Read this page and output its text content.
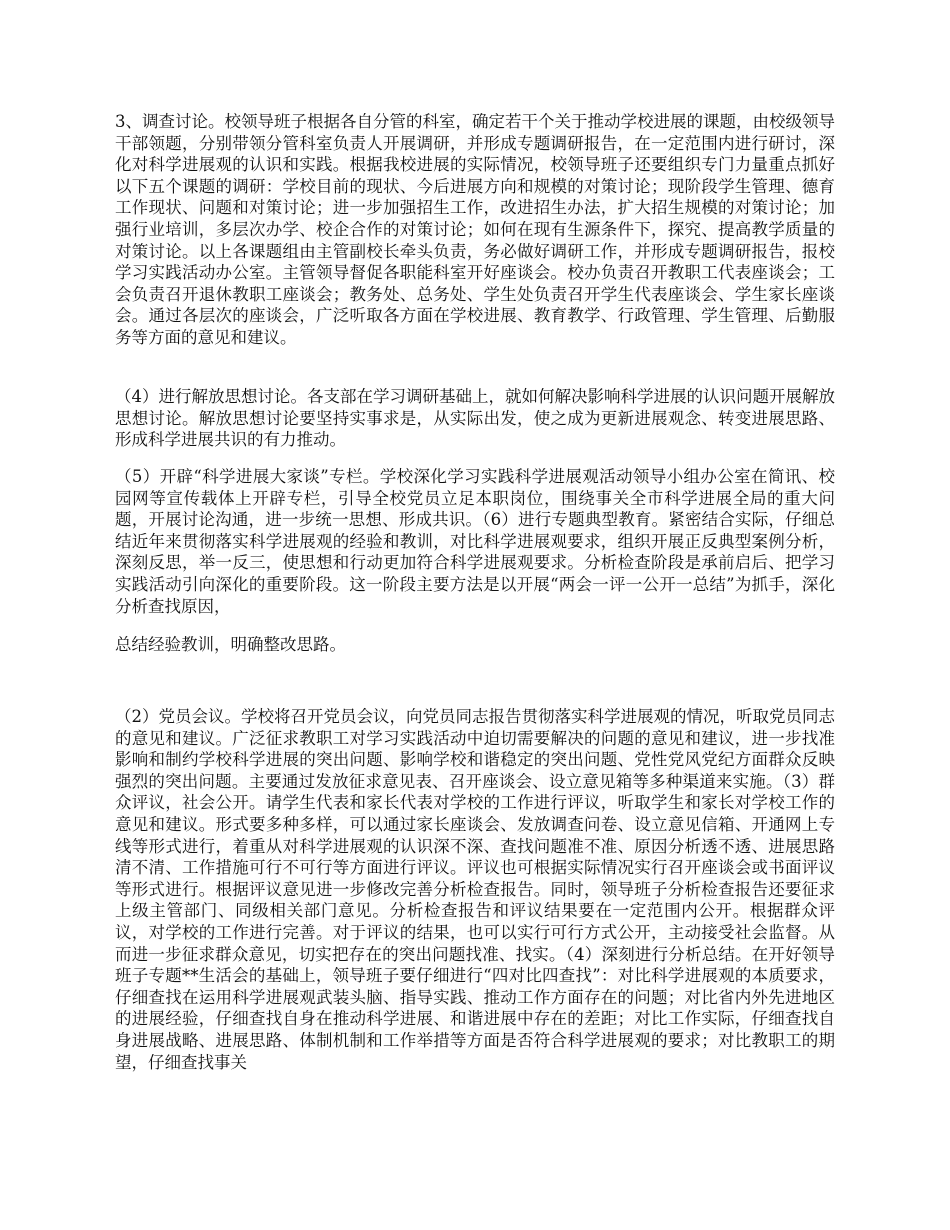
3、调查讨论。校领导班子根据各自分管的科室，确定若干个关于推动学校进展的课题，由校级领导干部领题，分别带领分管科室负责人开展调研，并形成专题调研报告，在一定范围内进行研讨，深化对科学进展观的认识和实践。根据我校进展的实际情况，校领导班子还要组织专门力量重点抓好以下五个课题的调研：学校目前的现状、今后进展方向和规模的对策讨论；现阶段学生管理、德育工作现状、问题和对策讨论；进一步加强招生工作，改进招生办法，扩大招生规模的对策讨论；加强行业培训，多层次办学、校企合作的对策讨论；如何在现有生源条件下，探究、提高教学质量的对策讨论。以上各课题组由主管副校长牵头负责，务必做好调研工作，并形成专题调研报告，报校学习实践活动办公室。主管领导督促各职能科室开好座谈会。校办负责召开教职工代表座谈会；工会负责召开退休教职工座谈会；教务处、总务处、学生处负责召开学生代表座谈会、学生家长座谈会。通过各层次的座谈会，广泛听取各方面在学校进展、教育教学、行政管理、学生管理、后勤服务等方面的意见和建议。

（4）进行解放思想讨论。各支部在学习调研基础上，就如何解决影响科学进展的认识问题开展解放思想讨论。解放思想讨论要坚持实事求是，从实际出发，使之成为更新进展观念、转变进展思路、形成科学进展共识的有力推动。

（5）开辟“科学进展大家谈”专栏。学校深化学习实践科学进展观活动领导小组办公室在简讯、校园网等宣传载体上开辟专栏，引导全校党员立足本职岗位，围绕事关全市科学进展全局的重大问题，开展讨论沟通，进一步统一思想、形成共识。（6）进行专题典型教育。紧密结合实际，仔细总结近年来贯彻落实科学进展观的经验和教训，对比科学进展观要求，组织开展正反典型案例分析，深刻反思，举一反三，使思想和行动更加符合科学进展观要求。分析检查阶段是承前启后、把学习实践活动引向深化的重要阶段。这一阶段主要方法是以开展“两会一评一公开一总结”为抓手，深化分析查找原因，

总结经验教训，明确整改思路。

（2）党员会议。学校将召开党员会议，向党员同志报告贯彻落实科学进展观的情况，听取党员同志的意见和建议。广泛征求教职工对学习实践活动中迫切需要解决的问题的意见和建议，进一步找准影响和制约学校科学进展的突出问题、影响学校和谐稳定的突出问题、党性党风党纪方面群众反映强烈的突出问题。主要通过发放征求意见表、召开座谈会、设立意见箱等多种渠道来实施。（3）群众评议，社会公开。请学生代表和家长代表对学校的工作进行评议，听取学生和家长对学校工作的意见和建议。形式要多种多样，可以通过家长座谈会、发放调查问卷、设立意见信箱、开通网上专线等形式进行，着重从对科学进展观的认识深不深、查找问题准不准、原因分析透不透、进展思路清不清、工作措施可行不可行等方面进行评议。评议也可根据实际情况实行召开座谈会或书面评议等形式进行。根据评议意见进一步修改完善分析检查报告。同时，领导班子分析检查报告还要征求上级主管部门、同级相关部门意见。分析检查报告和评议结果要在一定范围内公开。根据群众评议，对学校的工作进行完善。对于评议的结果，也可以实行可行方式公开，主动接受社会监督。从而进一步征求群众意见，切实把存在的突出问题找准、找实。（4）深刻进行分析总结。在开好领导班子专题**生活会的基础上，领导班子要仔细进行“四对比四查找”：对比科学进展观的本质要求，仔细查找在运用科学进展观武装头脑、指导实践、推动工作方面存在的问题；对比省内外先进地区的进展经验，仔细查找自身在推动科学进展、和谐进展中存在的差距；对比工作实际，仔细查找自身进展战略、进展思路、体制机制和工作举措等方面是否符合科学进展观的要求；对比教职工的期望，仔细查找事关
